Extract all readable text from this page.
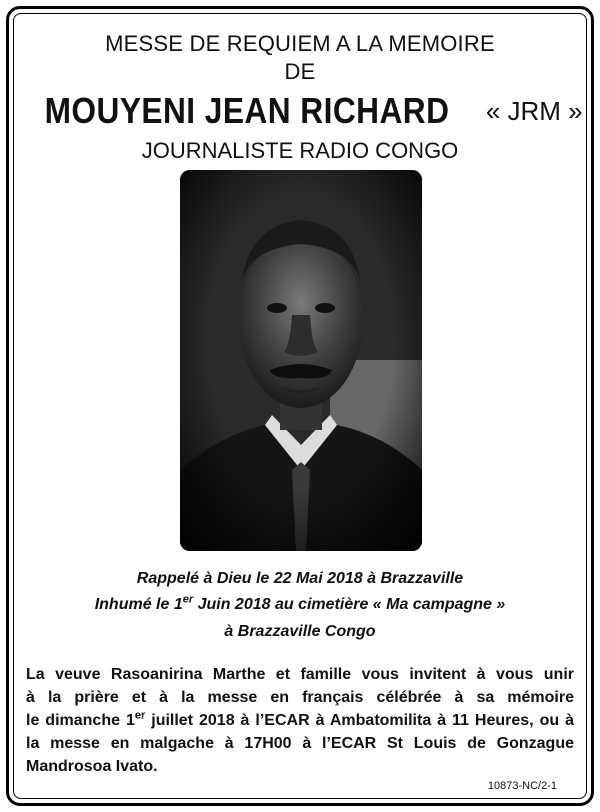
MESSE DE REQUIEM A LA MEMOIRE
DE
MOUYENI JEAN RICHARD « JRM »
JOURNALISTE RADIO CONGO
Rappelé à Dieu le 22 Mai 2018 à Brazzaville
Inhumé le 1er Juin 2018 au cimetière « Ma campagne »
à Brazzaville Congo
La veuve Rasoanirina Marthe et famille vous invitent à vous unir
à la prière et à la messe en français célébrée à sa mémoire
le dimanche 1er juillet 2018 à l’ECAR à Ambatomilita à 11 Heures, ou à
la messe en malgache à 17H00 à l’ECAR St Louis de Gonzague
Mandrosoa Ivato.
10873-NC/2-1
